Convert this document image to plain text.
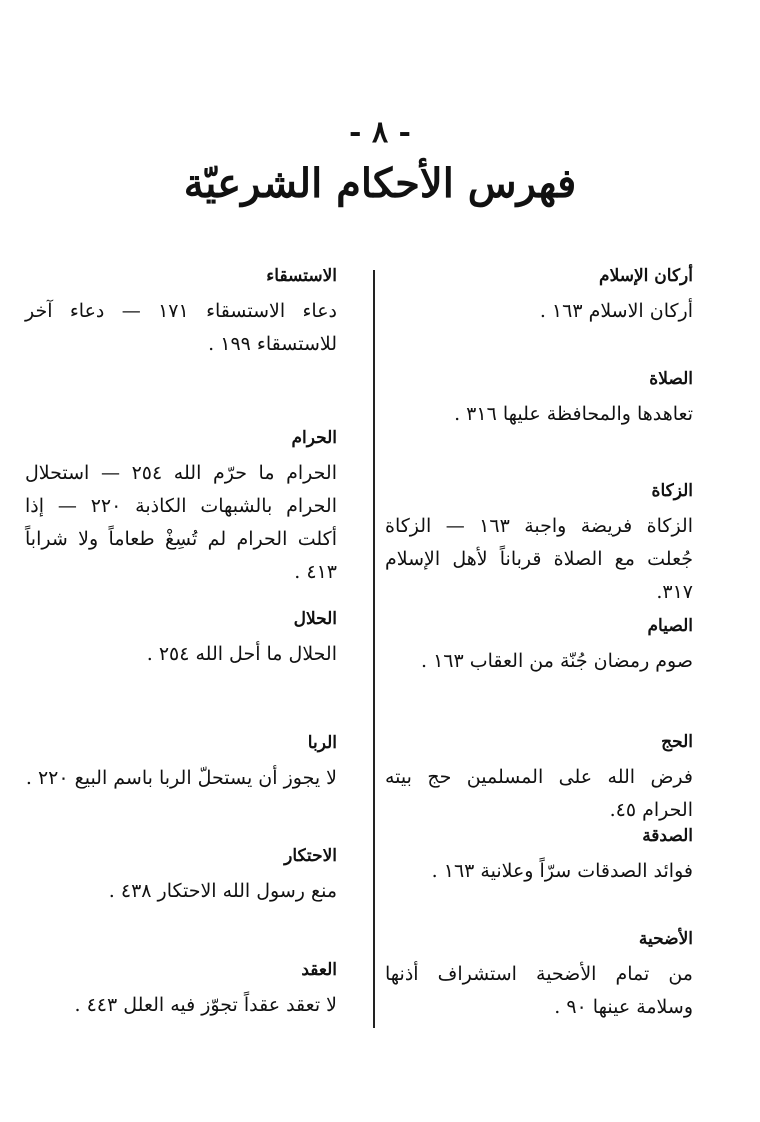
- ٨ -
فهرس الأحكام الشرعيّة
أركان الإسلام

أركان الاسلام ١٦٣ .

الصلاة

تعاهدها والمحافظة عليها ٣١٦ .

الزكاة

الزكاة فريضة واجبة ١٦٣ — الزكاة جُعلت مع الصلاة قرباناً لأهل الإسلام ٣١٧.

الصيام

صوم رمضان جُنّة من العقاب ١٦٣ .

الحج

فرض الله على المسلمين حج بيته الحرام ٤٥.

الصدقة

فوائد الصدقات سرّاً وعلانية ١٦٣ .

الأضحية

من تمام الأضحية استشراف أذنها وسلامة عينها ٩٠ .

الاستسقاء

دعاء الاستسقاء ١٧١ — دعاء آخر للاستسقاء ١٩٩ .

الحرام

الحرام ما حرّم الله ٢٥٤ — استحلال الحرام بالشبهات الكاذبة ٢٢٠ — إذا أكلت الحرام لم تُسِغْ طعاماً ولا شراباً ٤١٣ .

الحلال

الحلال ما أحل الله ٢٥٤ .

الربا

لا يجوز أن يستحلّ الربا باسم البيع ٢٢٠ .

الاحتكار

منع رسول الله الاحتكار ٤٣٨ .

العقد

لا تعقد عقداً تجوّز فيه العلل ٤٤٣ .
